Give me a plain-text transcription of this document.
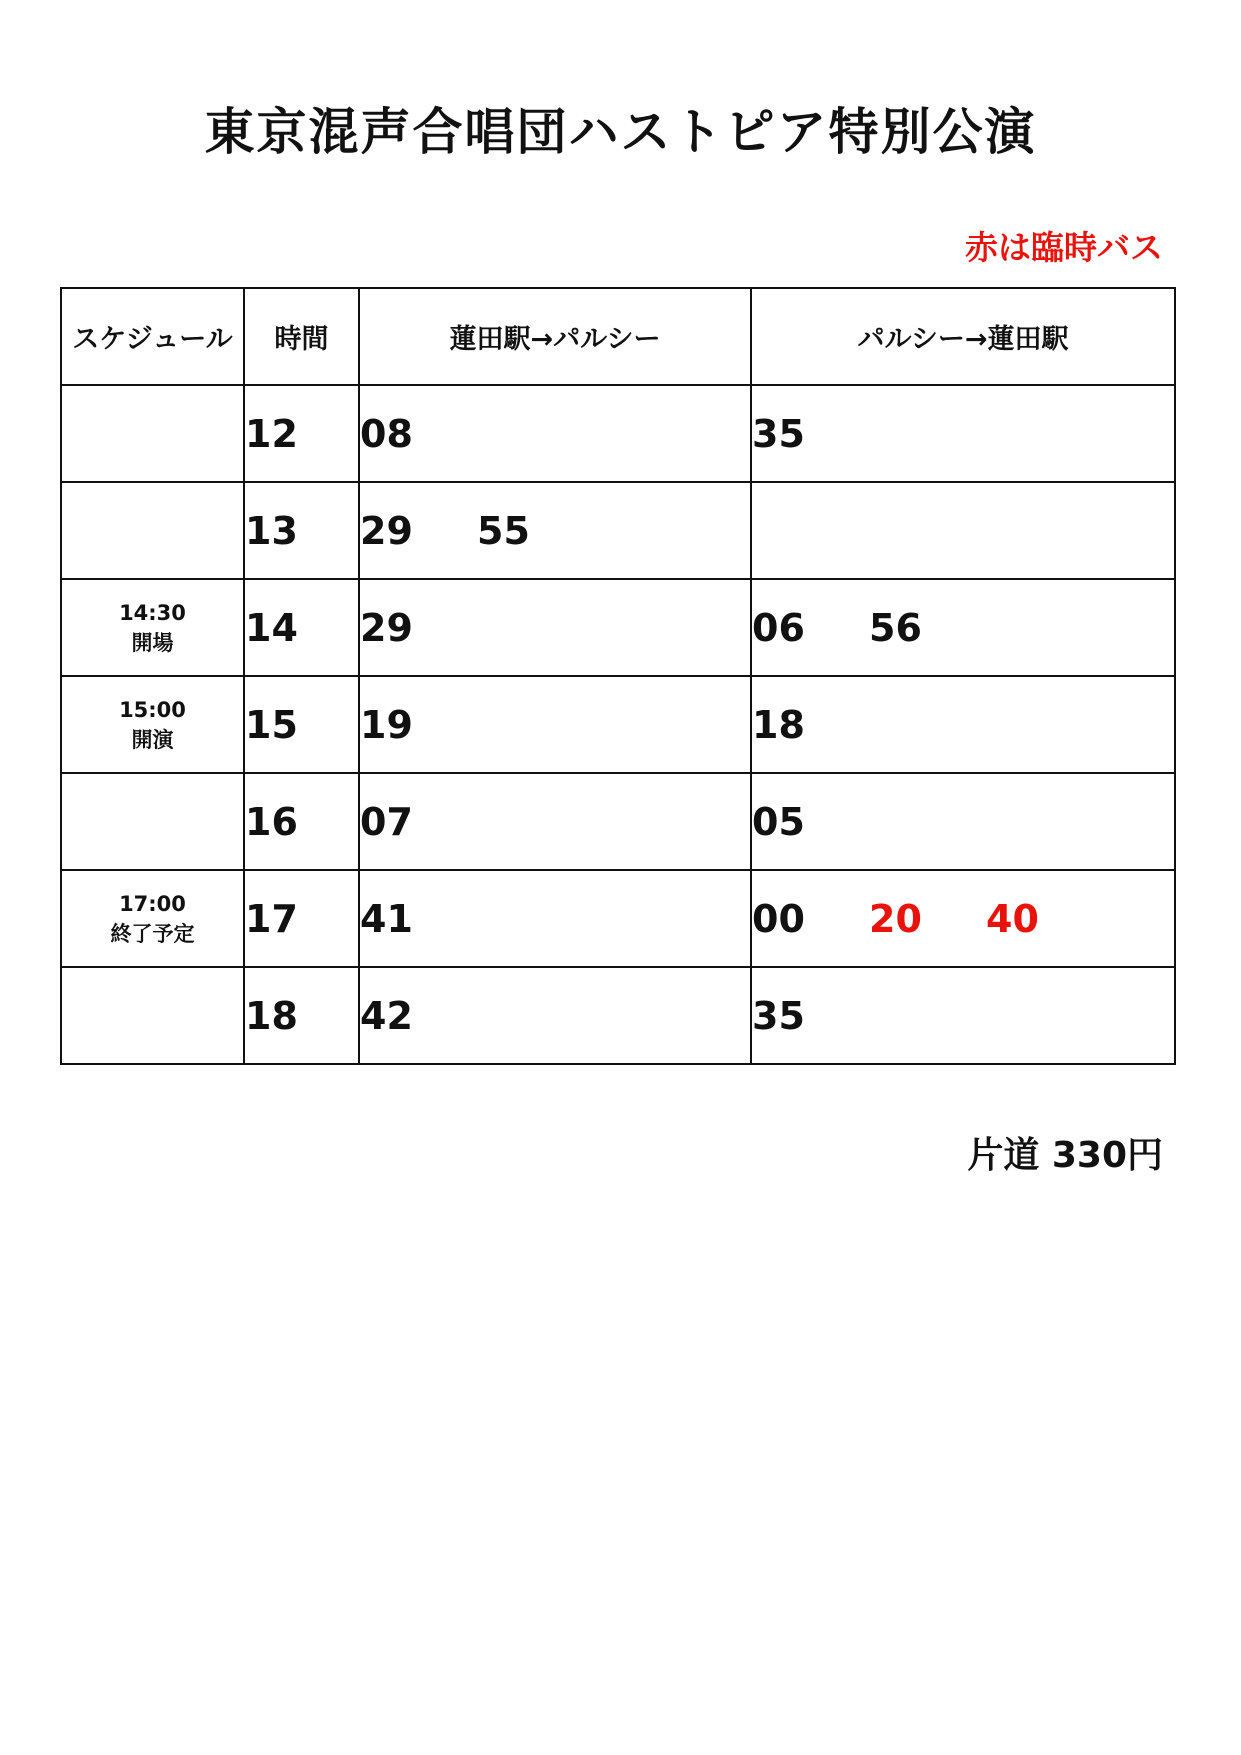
東京混声合唱団ハストピア特別公演
赤は臨時バス
スケジュール	時間	蓮田駅→パルシー	パルシー→蓮田駅
	12	08	35
	13	29 55	

14:30
開場	14	29	06 56

15:00
開演	15	19	18
	16	07	05

17:00
終了予定	17	41	00 20 40
	18	42	35
片道 330円
